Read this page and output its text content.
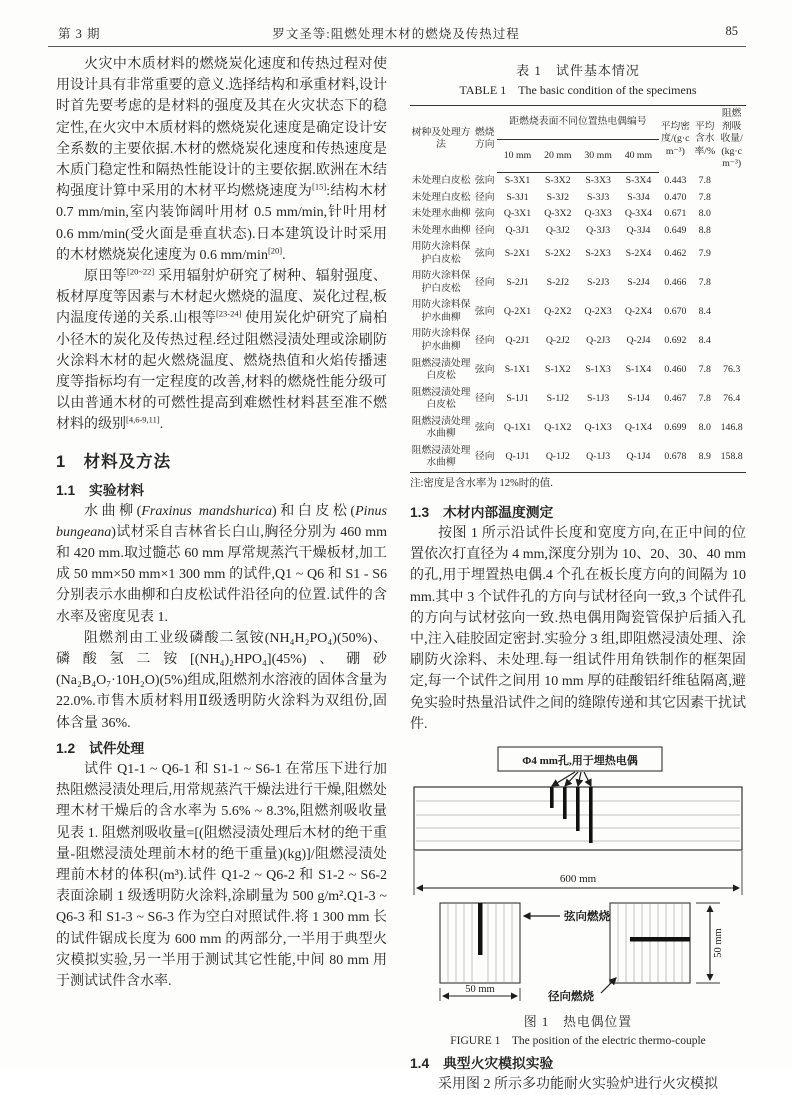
第 3 期	罗文圣等:阻燃处理木材的燃烧及传热过程	85

火灾中木质材料的燃烧炭化速度和传热过程对使用设计具有非常重要的意义.选择结构和承重材料,设计时首先要考虑的是材料的强度及其在火灾状态下的稳定性,在火灾中木质材料的燃烧炭化速度是确定设计安全系数的主要依据.木材的燃烧炭化速度和传热速度是木质门稳定性和隔热性能设计的主要依据.欧洲在木结构强度计算中采用的木材平均燃烧速度为[15]:结构木材 0.7 mm/min,室内装饰阔叶用材 0.5 mm/min,针叶用材 0.6 mm/min(受火面是垂直状态).日本建筑设计时采用的木材燃烧炭化速度为 0.6 mm/min[20].

原田等[20~22] 采用辐射炉研究了树种、辐射强度、板材厚度等因素与木材起火燃烧的温度、炭化过程,板内温度传递的关系.山根等[23-24] 使用炭化炉研究了扁柏小径木的炭化及传热过程.经过阻燃浸渍处理或涂刷防火涂料木材的起火燃烧温度、燃烧热值和火焰传播速度等指标均有一定程度的改善,材料的燃烧性能分级可以由普通木材的可燃性提高到难燃性材料甚至准不燃材料的级别[4,6-9,11].

1　材料及方法
1.1　实验材料

水曲柳(Fraxinus mandshurica)和白皮松(Pinus bungeana)试材采自吉林省长白山,胸径分别为 460 mm 和 420 mm.取过髓芯 60 mm 厚常规蒸汽干燥板材,加工成 50 mm×50 mm×1 300 mm 的试件,Q1 ~ Q6 和 S1 - S6 分别表示水曲柳和白皮松试件沿径向的位置.试件的含水率及密度见表 1.

阻燃剂由工业级磷酸二氢铵(NH₄H₂PO₄)(50%)、磷酸氢二铵[(NH₄)₂HPO₄](45%)、硼砂(Na₂B₄O₇·10H₂O)(5%)组成,阻燃剂水溶液的固体含量为 22.0%.市售木质材料用Ⅱ级透明防火涂料为双组份,固体含量 36%.

1.2　试件处理

试件 Q1-1 ~ Q6-1 和 S1-1 ~ S6-1 在常压下进行加热阻燃浸渍处理后,用常规蒸汽干燥法进行干燥,阻燃处理木材干燥后的含水率为 5.6% ~ 8.3%,阻燃剂吸收量见表 1. 阻燃剂吸收量=[(阻燃浸渍处理后木材的绝干重量-阻燃浸渍处理前木材的绝干重量)(kg)]/阻燃浸渍处理前木材的体积(m³).试件 Q1-2 ~ Q6-2 和 S1-2 ~ S6-2 表面涂刷 1 级透明防火涂料,涂刷量为 500 g/m².Q1-3 ~ Q6-3 和 S1-3 ~ S6-3 作为空白对照试件.将 1 300 mm 长的试件锯成长度为 600 mm 的两部分,一半用于典型火灾模拟实验,另一半用于测试其它性能,中间 80 mm 用于测试试件含水率.

表 1　试件基本情况

TABLE 1　The basic condition of the specimens

树种及处理方法	燃烧方向	距燃烧表面不同位置热电偶编号				平均密度/(g·cm⁻³)	平均含水率/%	阻燃剂吸收量/(kg·cm⁻³)
		10 mm	20 mm	30 mm	40 mm			
未处理白皮松	弦向	S-3X1	S-3X2	S-3X3	S-3X4	0.443	7.8	
未处理白皮松	径向	S-3J1	S-3J2	S-3J3	S-3J4	0.470	7.8	
未处理水曲柳	弦向	Q-3X1	Q-3X2	Q-3X3	Q-3X4	0.671	8.0	
未处理水曲柳	径向	Q-3J1	Q-3J2	Q-3J3	Q-3J4	0.649	8.8	
用防火涂料保护白皮松	弦向	S-2X1	S-2X2	S-2X3	S-2X4	0.462	7.9	
用防火涂料保护白皮松	径向	S-2J1	S-2J2	S-2J3	S-2J4	0.466	7.8	
用防火涂料保护水曲柳	弦向	Q-2X1	Q-2X2	Q-2X3	Q-2X4	0.670	8.4	
用防火涂料保护水曲柳	径向	Q-2J1	Q-2J2	Q-2J3	Q-2J4	0.692	8.4	
阻燃浸渍处理白皮松	弦向	S-1X1	S-1X2	S-1X3	S-1X4	0.460	7.8	76.3
阻燃浸渍处理白皮松	径向	S-1J1	S-1J2	S-1J3	S-1J4	0.467	7.8	76.4
阻燃浸渍处理水曲柳	弦向	Q-1X1	Q-1X2	Q-1X3	Q-1X4	0.699	8.0	146.8
阻燃浸渍处理水曲柳	径向	Q-1J1	Q-1J2	Q-1J3	Q-1J4	0.678	8.9	158.8

注:密度是含水率为 12%时的值.

1.3　木材内部温度测定

按图 1 所示沿试件长度和宽度方向,在正中间的位置依次打直径为 4 mm,深度分别为 10、20、30、40 mm 的孔,用于埋置热电偶.4 个孔在板长度方向的间隔为 10 mm.其中 3 个试件孔的方向与试材径向一致,3 个试件孔的方向与试材弦向一致.热电偶用陶瓷管保护后插入孔中,注入硅胶固定密封.实验分 3 组,即阻燃浸渍处理、涂刷防火涂料、未处理.每一组试件用角铁制作的框架固定,每一个试件之间用 10 mm 厚的硅酸铝纤维毡隔离,避免实验时热量沿试件之间的缝隙传递和其它因素干扰试件.

Φ4 mm孔,用于埋热电偶
600 mm
弦向燃烧
50 mm
径向燃烧
50 mm

图 1　热电偶位置

FIGURE 1　The position of the electric thermo-couple

1.4　典型火灾模拟实验

采用图 2 所示多功能耐火实验炉进行火灾模拟
